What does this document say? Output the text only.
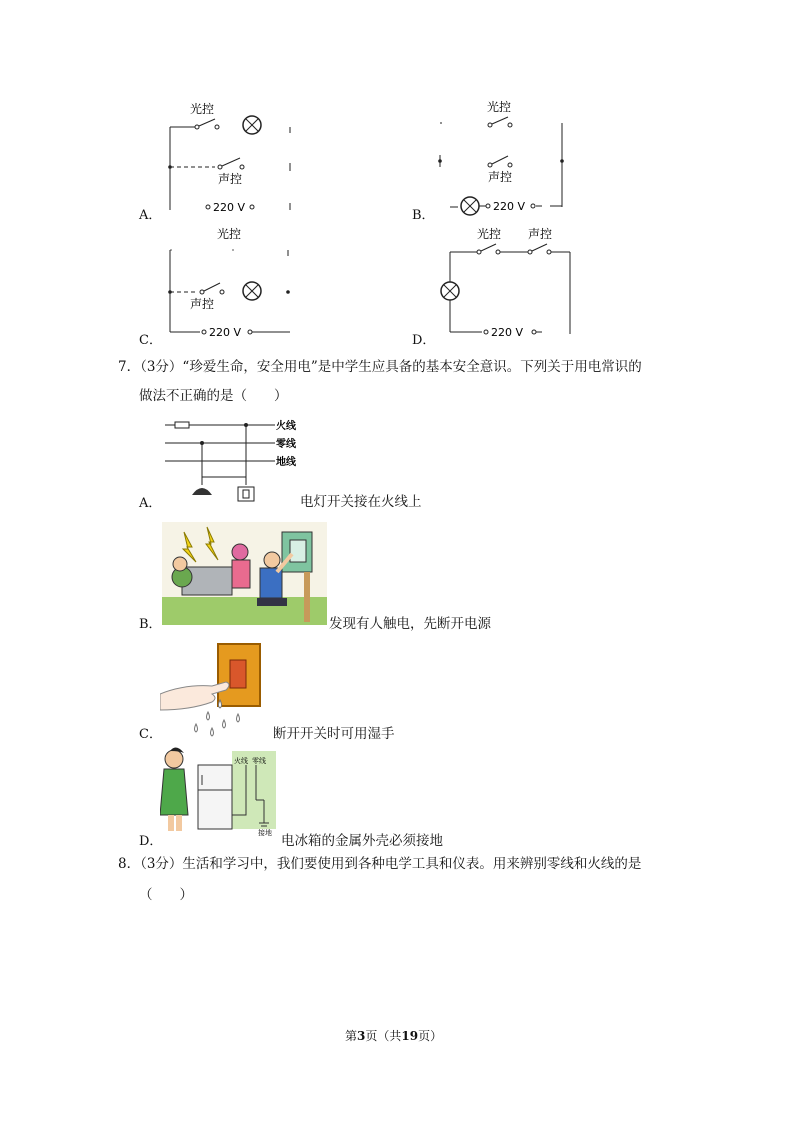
光控
声控
220 V
A．
光控
声控
220 V
B．
光控
声控
220 V
C．
光控 声控
220 V
D．
7．（3分）“珍爱生命，安全用电”是中学生应具备的基本安全意识。下列关于用电常识的
做法不正确的是（　　）
火线
零线
地线
A．	电灯开关接在火线上
B．	发现有人触电，先断开电源
C．	断开开关时可用湿手
火线 零线
接地
D．	电冰箱的金属外壳必须接地
8．（3分）生活和学习中，我们要使用到各种电学工具和仪表。用来辨别零线和火线的是
（　　）
第3页（共19页）
